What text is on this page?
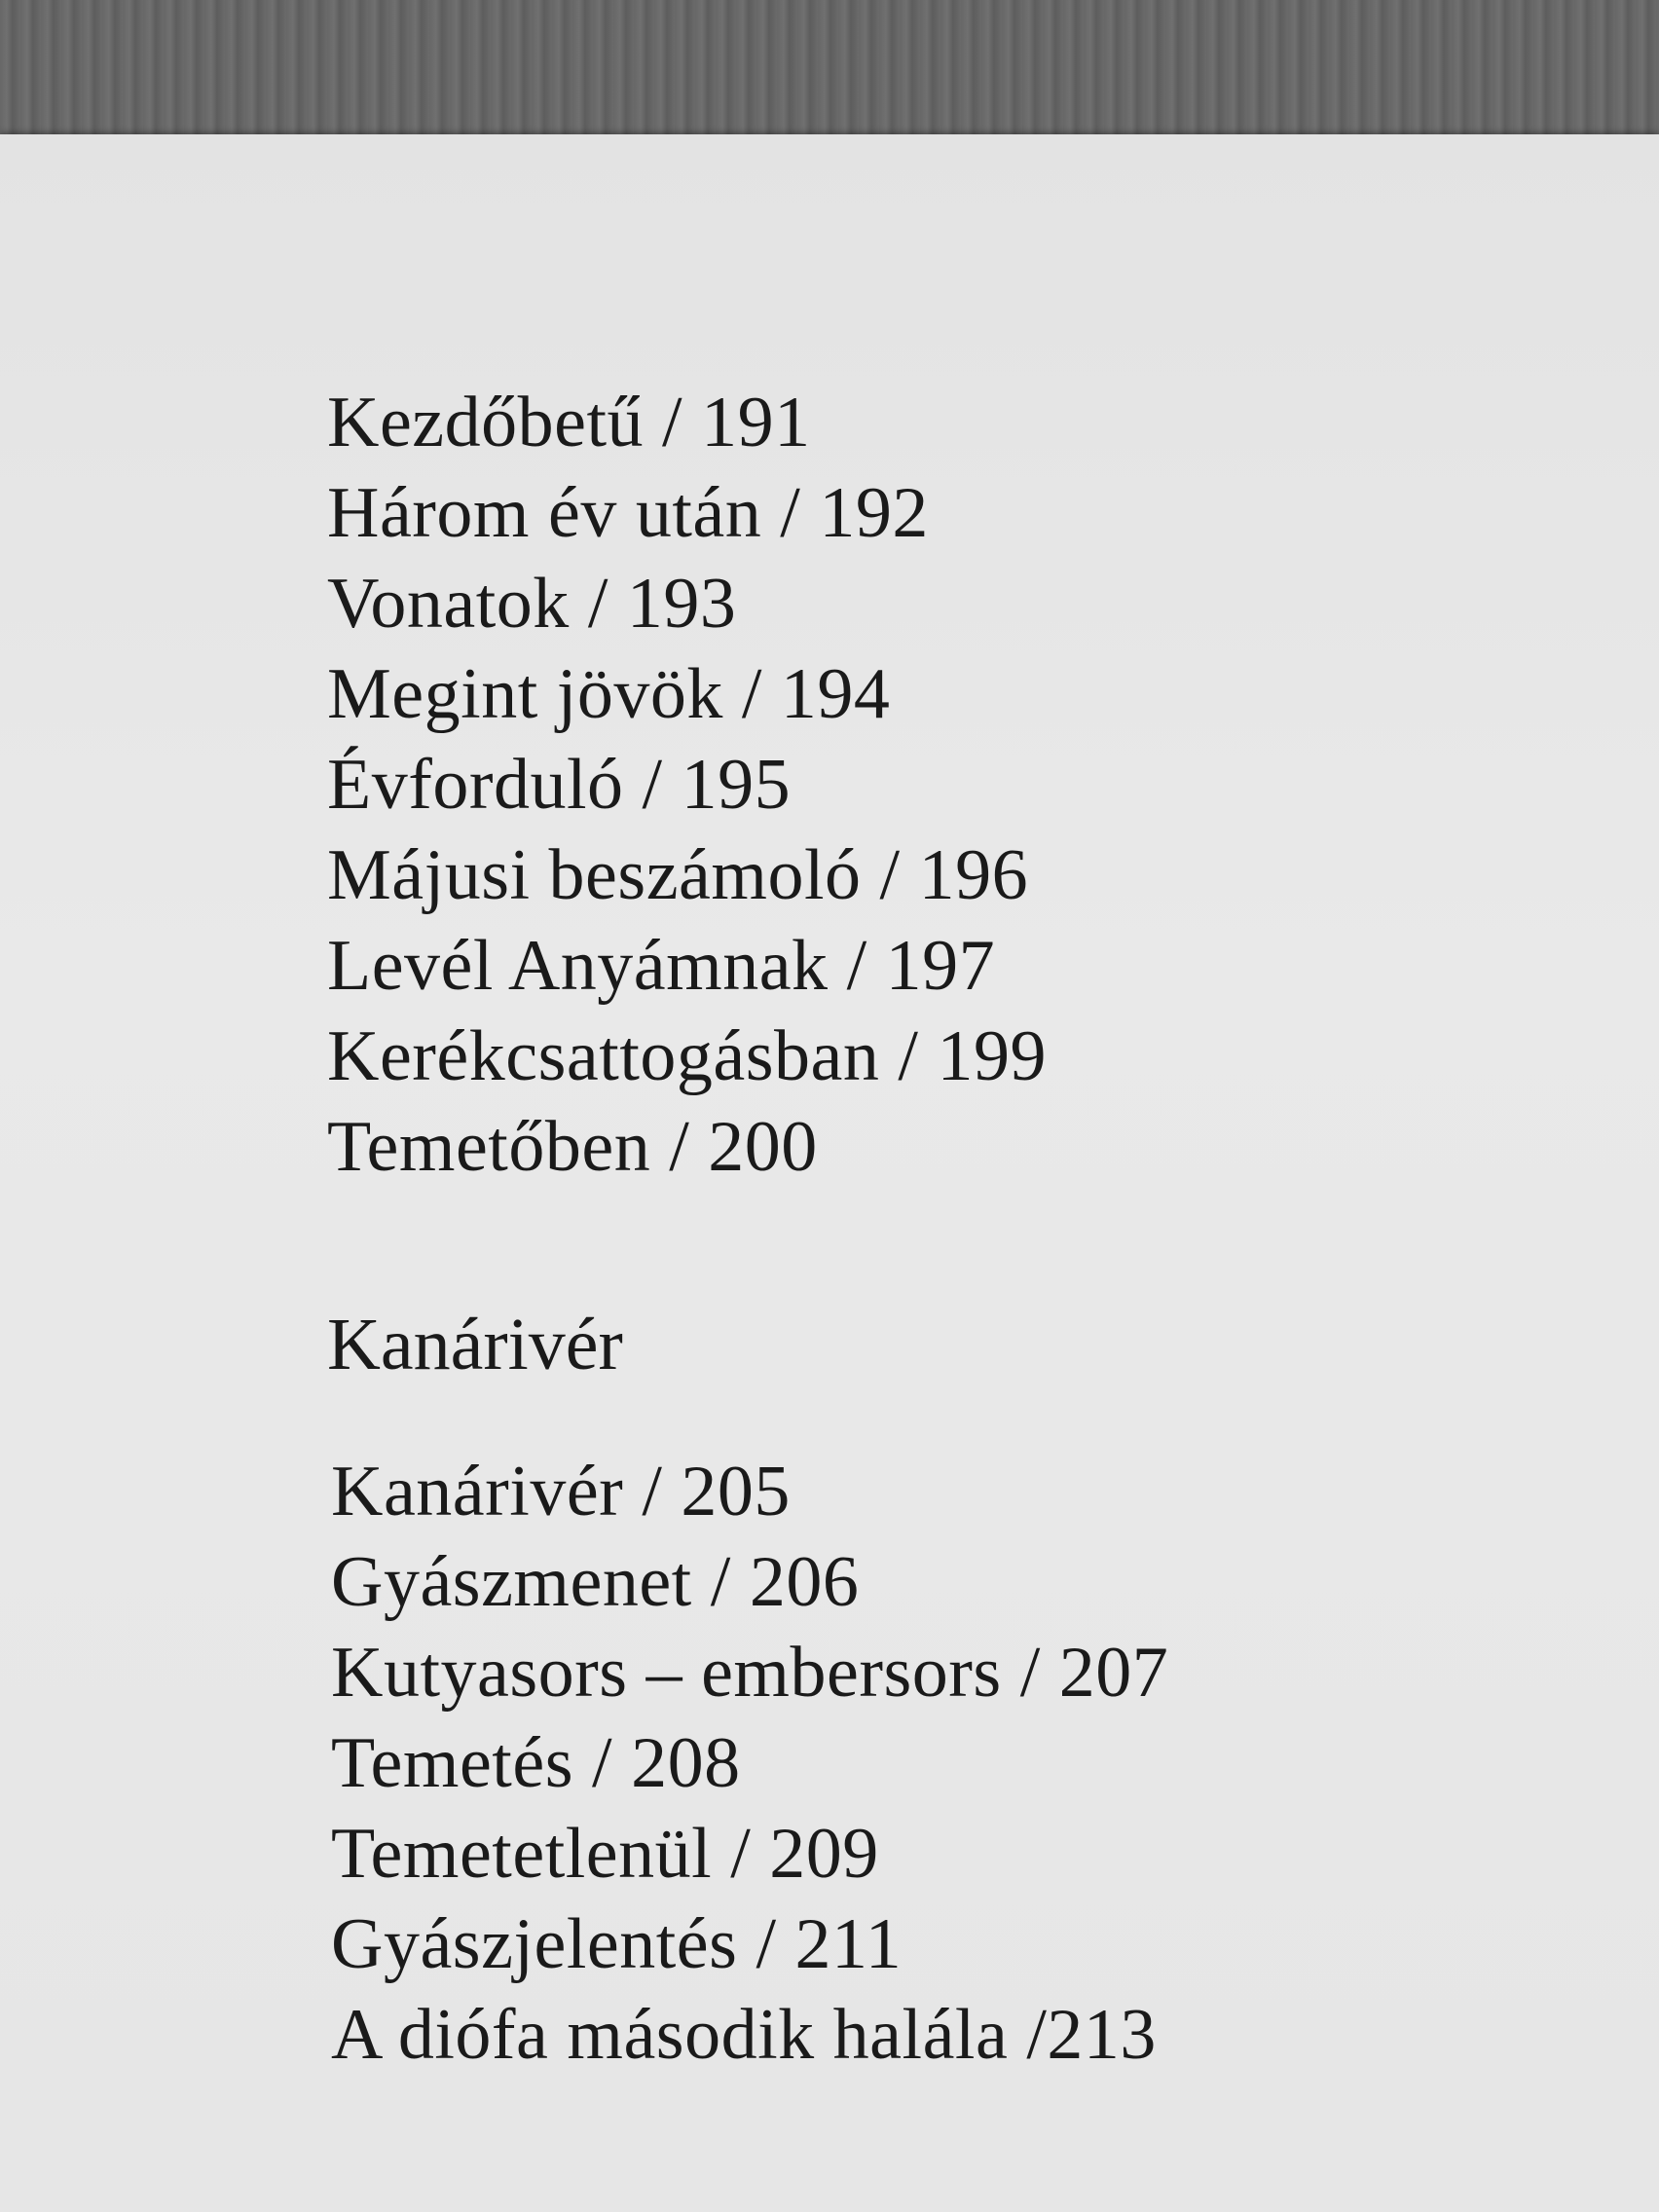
Kezdőbetű / 191
Három év után / 192
Vonatok / 193
Megint jövök / 194
Évforduló / 195
Májusi beszámoló / 196
Levél Anyámnak / 197
Kerékcsattogásban / 199
Temetőben / 200
Kanárivér
Kanárivér / 205
Gyászmenet / 206
Kutyasors – embersors / 207
Temetés / 208
Temetetlenül / 209
Gyászjelentés / 211
A diófa második halála /213
